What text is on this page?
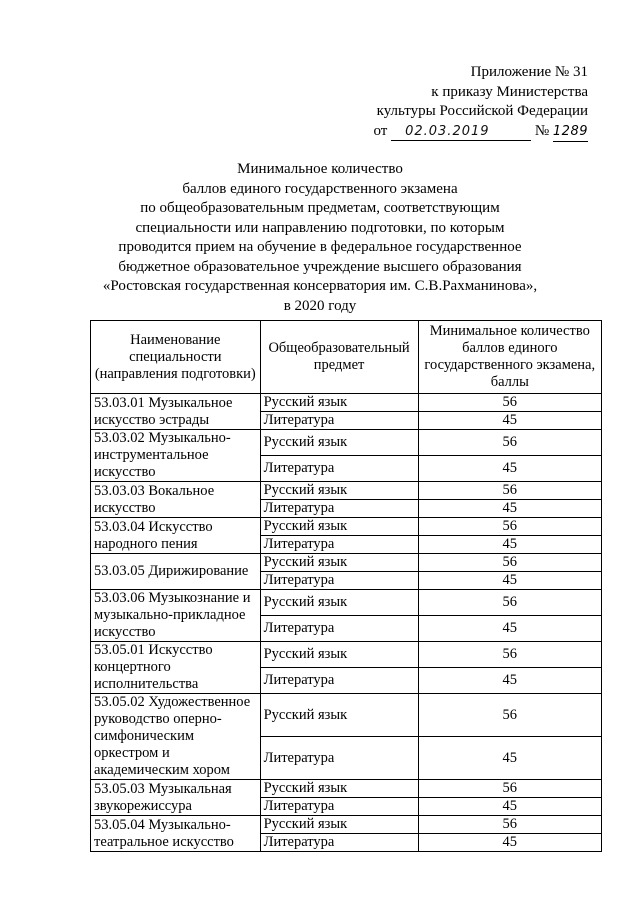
Приложение № 31
к приказу Министерства
культуры Российской Федерации
от 02.03.2019	№ 1289
Минимальное количество
баллов единого государственного экзамена
по общеобразовательным предметам, соответствующим
специальности или направлению подготовки, по которым
проводится прием на обучение в федеральное государственное
бюджетное образовательное учреждение высшего образования
«Ростовская государственная консерватория им. С.В.Рахманинова»,
в 2020 году
Наименование специальности (направления подготовки)	Общеобразовательный предмет	Минимальное количество баллов единого государственного экзамена, баллы
53.03.01 Музыкальное искусство эстрады	Русский язык	56
	Литература	45
53.03.02 Музыкально-инструментальное искусство	Русский язык	56
	Литература	45
53.03.03 Вокальное искусство	Русский язык	56
	Литература	45
53.03.04 Искусство народного пения	Русский язык	56
	Литература	45
53.03.05 Дирижирование	Русский язык	56
	Литература	45
53.03.06 Музыкознание и музыкально-прикладное искусство	Русский язык	56
	Литература	45
53.05.01 Искусство концертного исполнительства	Русский язык	56
	Литература	45
53.05.02 Художественное руководство оперно-симфоническим оркестром и академическим хором	Русский язык	56
	Литература	45
53.05.03 Музыкальная звукорежиссура	Русский язык	56
	Литература	45
53.05.04 Музыкально-театральное искусство	Русский язык	56
	Литература	45
